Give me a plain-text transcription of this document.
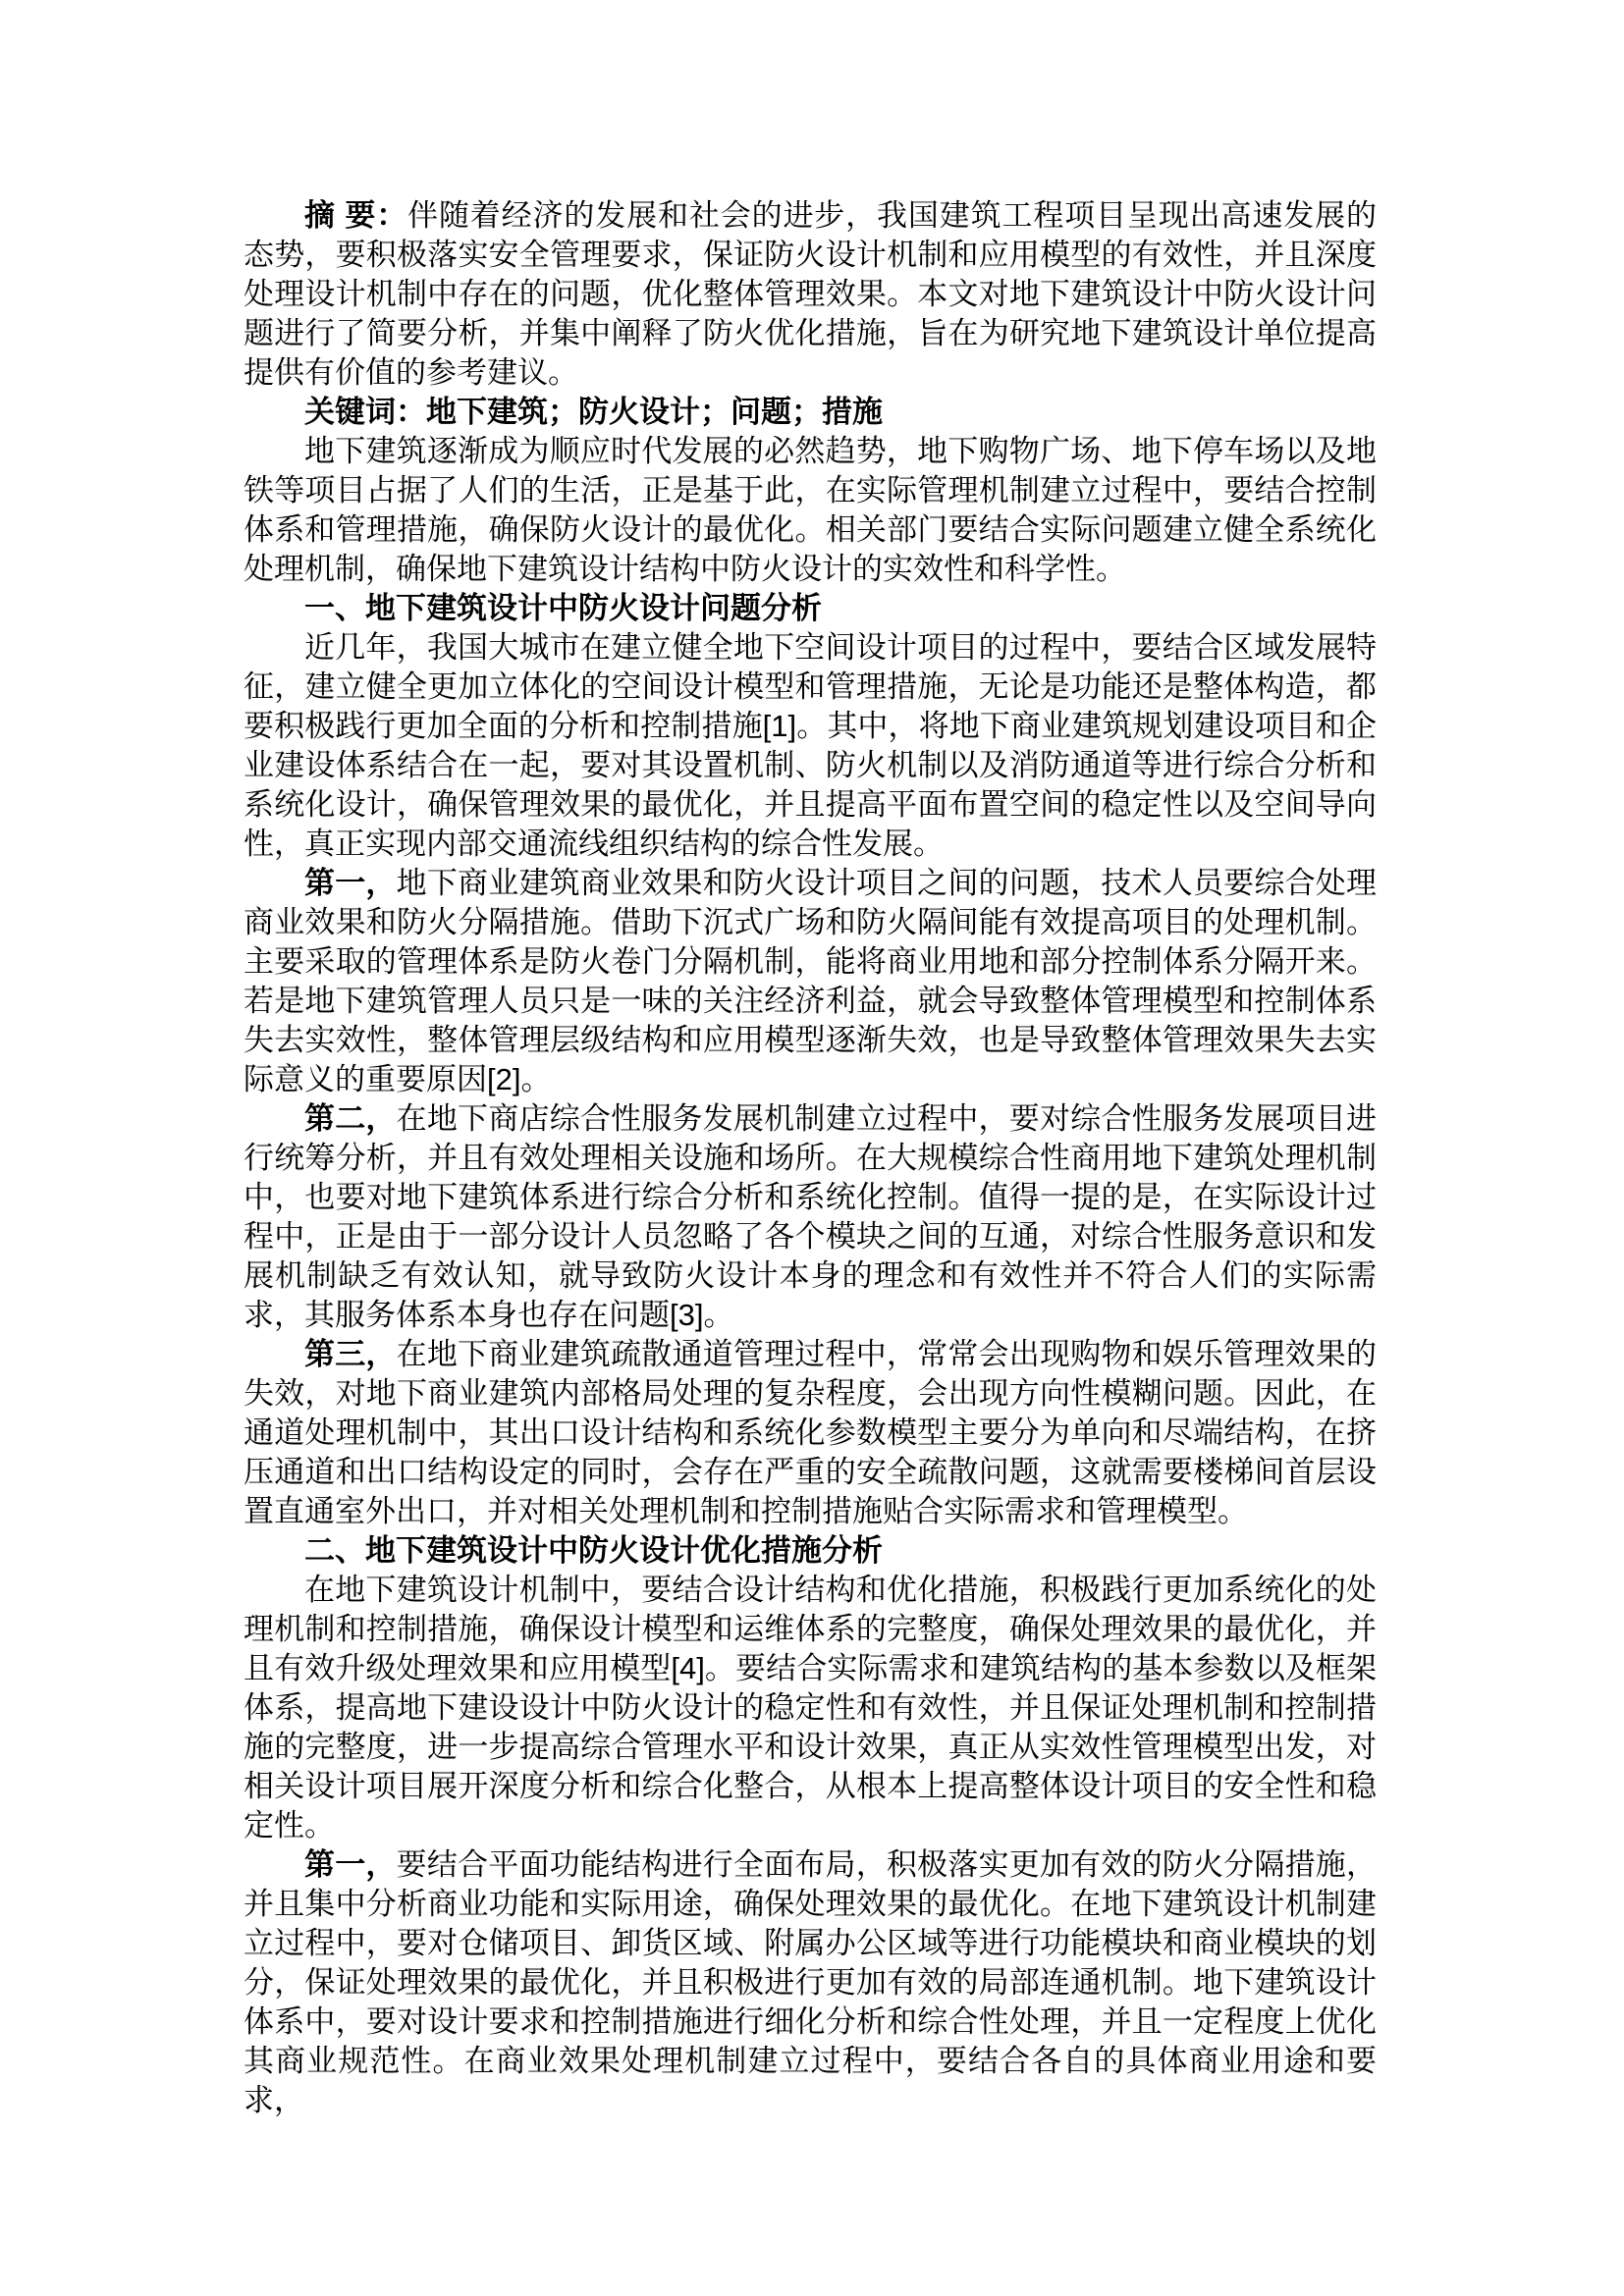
摘 要：伴随着经济的发展和社会的进步，我国建筑工程项目呈现出高速发展的态势，要积极落实安全管理要求，保证防火设计机制和应用模型的有效性，并且深度处理设计机制中存在的问题，优化整体管理效果。本文对地下建筑设计中防火设计问题进行了简要分析，并集中阐释了防火优化措施，旨在为研究地下建筑设计单位提高提供有价值的参考建议。

关键词：地下建筑；防火设计；问题；措施

地下建筑逐渐成为顺应时代发展的必然趋势，地下购物广场、地下停车场以及地铁等项目占据了人们的生活，正是基于此，在实际管理机制建立过程中，要结合控制体系和管理措施，确保防火设计的最优化。相关部门要结合实际问题建立健全系统化处理机制，确保地下建筑设计结构中防火设计的实效性和科学性。

一、地下建筑设计中防火设计问题分析

近几年，我国大城市在建立健全地下空间设计项目的过程中，要结合区域发展特征，建立健全更加立体化的空间设计模型和管理措施，无论是功能还是整体构造，都要积极践行更加全面的分析和控制措施[1]。其中，将地下商业建筑规划建设项目和企业建设体系结合在一起，要对其设置机制、防火机制以及消防通道等进行综合分析和系统化设计，确保管理效果的最优化，并且提高平面布置空间的稳定性以及空间导向性，真正实现内部交通流线组织结构的综合性发展。

第一，地下商业建筑商业效果和防火设计项目之间的问题，技术人员要综合处理商业效果和防火分隔措施。借助下沉式广场和防火隔间能有效提高项目的处理机制。主要采取的管理体系是防火卷门分隔机制，能将商业用地和部分控制体系分隔开来。若是地下建筑管理人员只是一味的关注经济利益，就会导致整体管理模型和控制体系失去实效性，整体管理层级结构和应用模型逐渐失效，也是导致整体管理效果失去实际意义的重要原因[2]。

第二，在地下商店综合性服务发展机制建立过程中，要对综合性服务发展项目进行统筹分析，并且有效处理相关设施和场所。在大规模综合性商用地下建筑处理机制中，也要对地下建筑体系进行综合分析和系统化控制。值得一提的是，在实际设计过程中，正是由于一部分设计人员忽略了各个模块之间的互通，对综合性服务意识和发展机制缺乏有效认知，就导致防火设计本身的理念和有效性并不符合人们的实际需求，其服务体系本身也存在问题[3]。

第三，在地下商业建筑疏散通道管理过程中，常常会出现购物和娱乐管理效果的失效，对地下商业建筑内部格局处理的复杂程度，会出现方向性模糊问题。因此，在通道处理机制中，其出口设计结构和系统化参数模型主要分为单向和尽端结构，在挤压通道和出口结构设定的同时，会存在严重的安全疏散问题，这就需要楼梯间首层设置直通室外出口，并对相关处理机制和控制措施贴合实际需求和管理模型。

二、地下建筑设计中防火设计优化措施分析

在地下建筑设计机制中，要结合设计结构和优化措施，积极践行更加系统化的处理机制和控制措施，确保设计模型和运维体系的完整度，确保处理效果的最优化，并且有效升级处理效果和应用模型[4]。要结合实际需求和建筑结构的基本参数以及框架体系，提高地下建设设计中防火设计的稳定性和有效性，并且保证处理机制和控制措施的完整度，进一步提高综合管理水平和设计效果，真正从实效性管理模型出发，对相关设计项目展开深度分析和综合化整合，从根本上提高整体设计项目的安全性和稳定性。

第一，要结合平面功能结构进行全面布局，积极落实更加有效的防火分隔措施，并且集中分析商业功能和实际用途，确保处理效果的最优化。在地下建筑设计机制建立过程中，要对仓储项目、卸货区域、附属办公区域等进行功能模块和商业模块的划分，保证处理效果的最优化，并且积极进行更加有效的局部连通机制。地下建筑设计体系中，要对设计要求和控制措施进行细化分析和综合性处理，并且一定程度上优化其商业规范性。在商业效果处理机制建立过程中，要结合各自的具体商业用途和要求，
